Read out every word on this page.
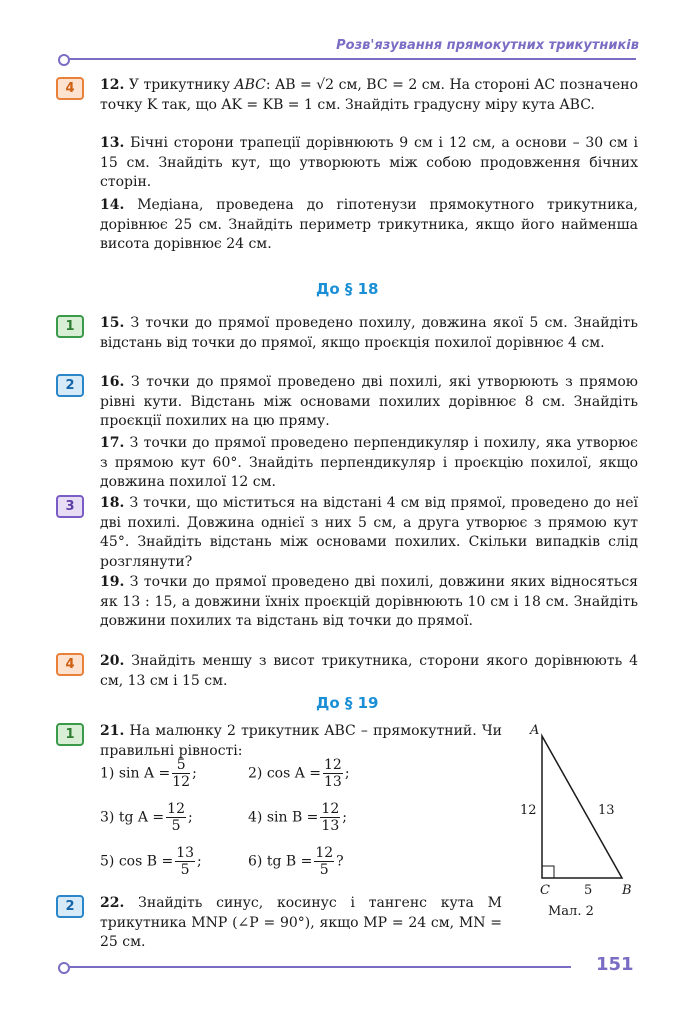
Розв'язування прямокутних трикутників
4	12. У трикутнику ABC: AB = √2 см, BC = 2 см. На стороні AC позначено точку K так, що AK = KB = 1 см. Знайдіть градусну міру кута ABC.
13. Бічні сторони трапеції дорівнюють 9 см і 12 см, а основи – 30 см і 15 см. Знайдіть кут, що утворюють між собою продовження бічних сторін.
14. Медіана, проведена до гіпотенузи прямокутного трикутника, дорівнює 25 см. Знайдіть периметр трикутника, якщо його найменша висота дорівнює 24 см.
До § 18
1	15. З точки до прямої проведено похилу, довжина якої 5 см. Знайдіть відстань від точки до прямої, якщо проєкція похилої дорівнює 4 см.
2	16. З точки до прямої проведено дві похилі, які утворюють з прямою рівні кути. Відстань між основами похилих дорівнює 8 см. Знайдіть проєкції похилих на цю пряму.
17. З точки до прямої проведено перпендикуляр і похилу, яка утворює з прямою кут 60°. Знайдіть перпендикуляр і проєкцію похилої, якщо довжина похилої 12 см.
3	18. З точки, що міститься на відстані 4 см від прямої, проведено до неї дві похилі. Довжина однієї з них 5 см, а друга утворює з прямою кут 45°. Знайдіть відстань між основами похилих. Скільки випадків слід розглянути?
19. З точки до прямої проведено дві похилі, довжини яких відносяться як 13 : 15, а довжини їхніх проєкцій дорівнюють 10 см і 18 см. Знайдіть довжини похилих та відстань від точки до прямої.
4	20. Знайдіть меншу з висот трикутника, сторони якого дорівнюють 4 см, 13 см і 15 см.
До § 19
1	21. На малюнку 2 трикутник ABC – прямокутний. Чи правильні рівності:
1) $\sin A = \frac{5}{12}$ ;	2) $\cos A = \frac{12}{13}$ ;
3) tg $A = \frac{12}{5}$ ;	4) $\sin B = \frac{12}{13}$ ;
5) $\cos B = \frac{13}{5}$ ;	6) tg $B = \frac{12}{5}$ ?
2	22. Знайдіть синус, косинус і тангенс кута M трикутника MNP (∠P = 90°), якщо MP = 24 см, MN = 25 см.
A
C	B
12	13
5
Мал. 2
151
